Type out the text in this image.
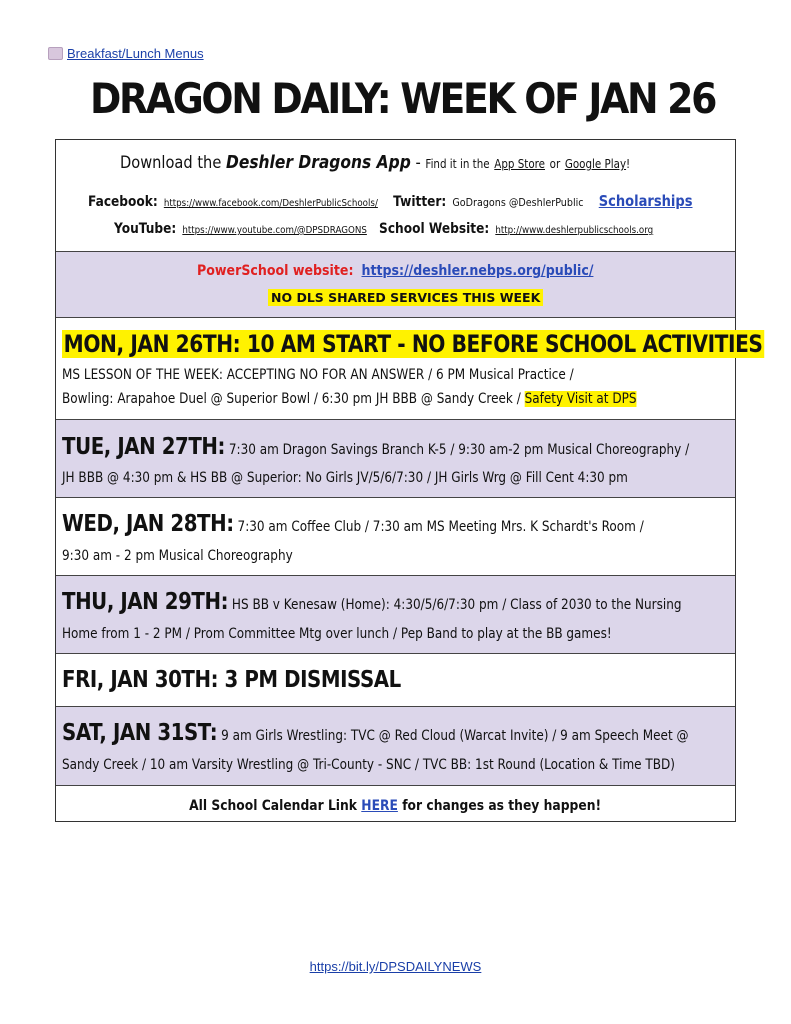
Breakfast/Lunch Menus
DRAGON DAILY: WEEK OF JAN 26
Download the Deshler Dragons App - Find it in the App Store or Google Play!
Facebook: https://www.facebook.com/DeshlerPublicSchools/ Twitter: GoDragons @DeshlerPublic Scholarships
YouTube: https://www.youtube.com/@DPSDRAGONS School Website: http://www.deshlerpublicschools.org
PowerSchool website: https://deshler.nebps.org/public/
NO DLS SHARED SERVICES THIS WEEK
MON, JAN 26TH: 10 AM START - NO BEFORE SCHOOL ACTIVITIES
MS LESSON OF THE WEEK: ACCEPTING NO FOR AN ANSWER / 6 PM Musical Practice /
Bowling: Arapahoe Duel @ Superior Bowl / 6:30 pm JH BBB @ Sandy Creek / Safety Visit at DPS
TUE, JAN 27TH: 7:30 am Dragon Savings Branch K-5 / 9:30 am-2 pm Musical Choreography /
JH BBB @ 4:30 pm & HS BB @ Superior: No Girls JV/5/6/7:30 / JH Girls Wrg @ Fill Cent 4:30 pm
WED, JAN 28TH: 7:30 am Coffee Club / 7:30 am MS Meeting Mrs. K Schardt's Room /
9:30 am - 2 pm Musical Choreography
THU, JAN 29TH: HS BB v Kenesaw (Home): 4:30/5/6/7:30 pm / Class of 2030 to the Nursing
Home from 1 - 2 PM / Prom Committee Mtg over lunch / Pep Band to play at the BB games!
FRI, JAN 30TH: 3 PM DISMISSAL
SAT, JAN 31ST: 9 am Girls Wrestling: TVC @ Red Cloud (Warcat Invite) / 9 am Speech Meet @
Sandy Creek / 10 am Varsity Wrestling @ Tri-County - SNC / TVC BB: 1st Round (Location & Time TBD)
All School Calendar Link HERE for changes as they happen!
https://bit.ly/DPSDAILYNEWS
